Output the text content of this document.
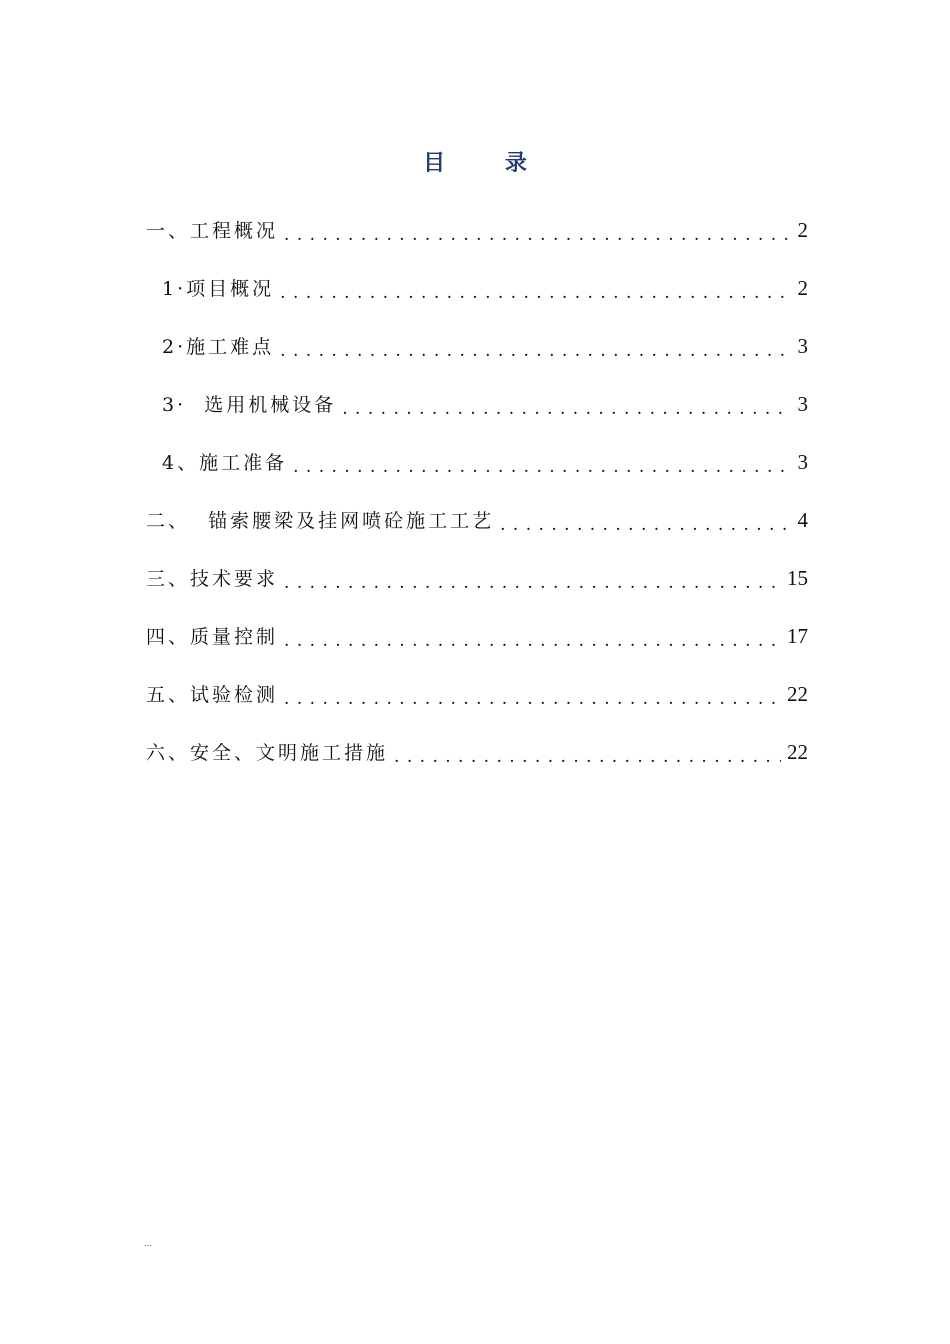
目 录
一、工程概况 . . .	2
1·项目概况 . . .	2
2·施工难点 . . .	3
3·  选用机械设备 . . .	3
4、施工准备 . . .	3
二、  锚索腰梁及挂网喷砼施工工艺 . . .	4
三、技术要求 . . .	15
四、质量控制 . . .	17
五、试验检测 . . .	22
六、安全、文明施工措施 . . .	22
...
